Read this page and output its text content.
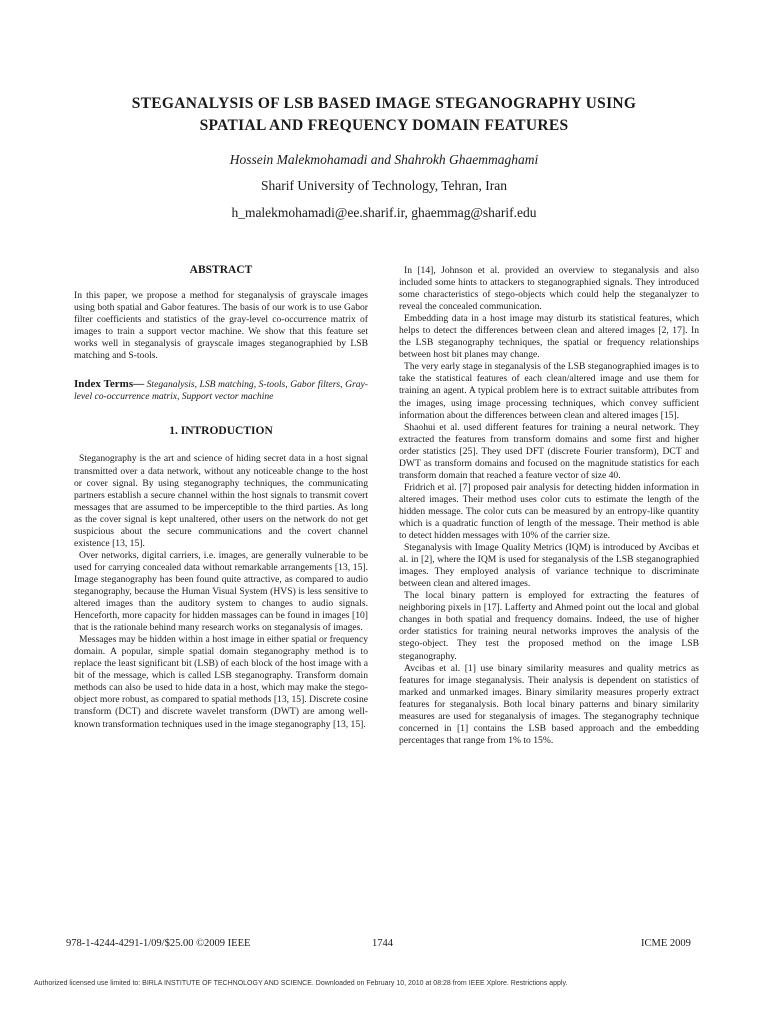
STEGANALYSIS OF LSB BASED IMAGE STEGANOGRAPHY USING
SPATIAL AND FREQUENCY DOMAIN FEATURES
Hossein Malekmohamadi and Shahrokh Ghaemmaghami
Sharif University of Technology, Tehran, Iran
h_malekmohamadi@ee.sharif.ir, ghaemmag@sharif.edu
ABSTRACT

In this paper, we propose a method for steganalysis of grayscale images using both spatial and Gabor features. The basis of our work is to use Gabor filter coefficients and statistics of the gray-level co-occurrence matrix of images to train a support vector machine. We show that this feature set works well in steganalysis of grayscale images steganographied by LSB matching and S-tools.

Index Terms— Steganalysis, LSB matching, S-tools, Gabor filters, Gray-level co-occurrence matrix, Support vector machine

1. INTRODUCTION

Steganography is the art and science of hiding secret data in a host signal transmitted over a data network, without any noticeable change to the host or cover signal. By using steganography techniques, the communicating partners establish a secure channel within the host signals to transmit covert messages that are assumed to be imperceptible to the third parties. As long as the cover signal is kept unaltered, other users on the network do not get suspicious about the secure communications and the covert channel existence [13, 15].

Over networks, digital carriers, i.e. images, are generally vulnerable to be used for carrying concealed data without remarkable arrangements [13, 15]. Image steganography has been found quite attractive, as compared to audio steganography, because the Human Visual System (HVS) is less sensitive to altered images than the auditory system to changes to audio signals. Henceforth, more capacity for hidden massages can be found in images [10] that is the rationale behind many research works on steganalysis of images.

Messages may be hidden within a host image in either spatial or frequency domain. A popular, simple spatial domain steganography method is to replace the least significant bit (LSB) of each block of the host image with a bit of the message, which is called LSB steganography. Transform domain methods can also be used to hide data in a host, which may make the stego-object more robust, as compared to spatial methods [13, 15]. Discrete cosine transform (DCT) and discrete wavelet transform (DWT) are among well-known transformation techniques used in the image steganography [13, 15].

In [14], Johnson et al. provided an overview to steganalysis and also included some hints to attackers to steganographied signals. They introduced some characteristics of stego-objects which could help the steganalyzer to reveal the concealed communication.

Embedding data in a host image may disturb its statistical features, which helps to detect the differences between clean and altered images [2, 17]. In the LSB steganography techniques, the spatial or frequency relationships between host bit planes may change.

The very early stage in steganalysis of the LSB steganographied images is to take the statistical features of each clean/altered image and use them for training an agent. A typical problem here is to extract suitable attributes from the images, using image processing techniques, which convey sufficient information about the differences between clean and altered images [15].

Shaohui et al. used different features for training a neural network. They extracted the features from transform domains and some first and higher order statistics [25]. They used DFT (discrete Fourier transform), DCT and DWT as transform domains and focused on the magnitude statistics for each transform domain that reached a feature vector of size 40.

Fridrich et al. [7] proposed pair analysis for detecting hidden information in altered images. Their method uses color cuts to estimate the length of the hidden message. The color cuts can be measured by an entropy-like quantity which is a quadratic function of length of the message. Their method is able to detect hidden messages with 10% of the carrier size.

Steganalysis with Image Quality Metrics (IQM) is introduced by Avcibas et al. in [2], where the IQM is used for steganalysis of the LSB steganographied images. They employed analysis of variance technique to discriminate between clean and altered images.

The local binary pattern is employed for extracting the features of neighboring pixels in [17]. Lafferty and Ahmed point out the local and global changes in both spatial and frequency domains. Indeed, the use of higher order statistics for training neural networks improves the analysis of the stego-object. They test the proposed method on the image LSB steganography.

Avcibas et al. [1] use binary similarity measures and quality metrics as features for image steganalysis. Their analysis is dependent on statistics of marked and unmarked images. Binary similarity measures properly extract features for steganalysis. Both local binary patterns and binary similarity measures are used for steganalysis of images. The steganography technique concerned in [1] contains the LSB based approach and the embedding percentages that range from 1% to 15%.

978-1-4244-4291-1/09/$25.00 ©2009 IEEE	1744	ICME 2009
Authorized licensed use limited to: BIRLA INSTITUTE OF TECHNOLOGY AND SCIENCE. Downloaded on February 10, 2010 at 08:28 from IEEE Xplore. Restrictions apply.
